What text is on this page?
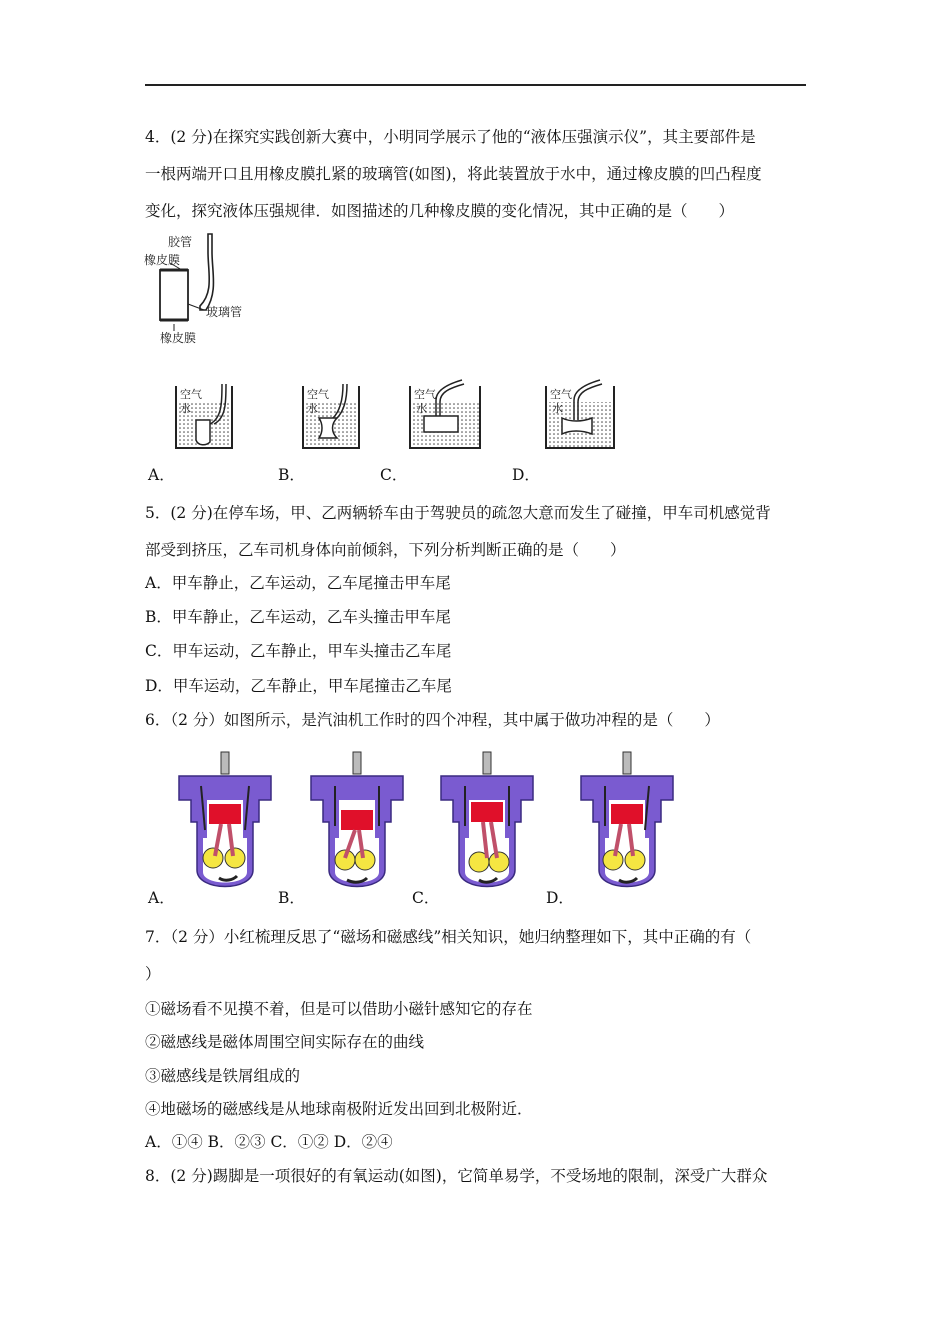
4．(2 分)在探究实践创新大赛中，小明同学展示了他的“液体压强演示仪”，其主要部件是
一根两端开口且用橡皮膜扎紧的玻璃管(如图)，将此装置放于水中，通过橡皮膜的凹凸程度
变化，探究液体压强规律．如图描述的几种橡皮膜的变化情况，其中正确的是（　　）
胶管
橡皮膜
玻璃管
橡皮膜
空气
水
A．
空气
水
B．
空气
水
C．
空气
水
D．
5．(2 分)在停车场，甲、乙两辆轿车由于驾驶员的疏忽大意而发生了碰撞，甲车司机感觉背
部受到挤压，乙车司机身体向前倾斜，下列分析判断正确的是（　　）
A．甲车静止，乙车运动，乙车尾撞击甲车尾
B．甲车静止，乙车运动，乙车头撞击甲车尾
C．甲车运动，乙车静止，甲车头撞击乙车尾
D．甲车运动，乙车静止，甲车尾撞击乙车尾
6．（2 分）如图所示，是汽油机工作时的四个冲程，其中属于做功冲程的是（　　）
A．	B．	C．	D．
7．（2 分）小红梳理反思了“磁场和磁感线”相关知识，她归纳整理如下，其中正确的有（
）
①磁场看不见摸不着，但是可以借助小磁针感知它的存在
②磁感线是磁体周围空间实际存在的曲线
③磁感线是铁屑组成的
④地磁场的磁感线是从地球南极附近发出回到北极附近．
A．①④ B．②③ C．①② D．②④
8．(2 分)踢脚是一项很好的有氧运动(如图)，它简单易学，不受场地的限制，深受广大群众
